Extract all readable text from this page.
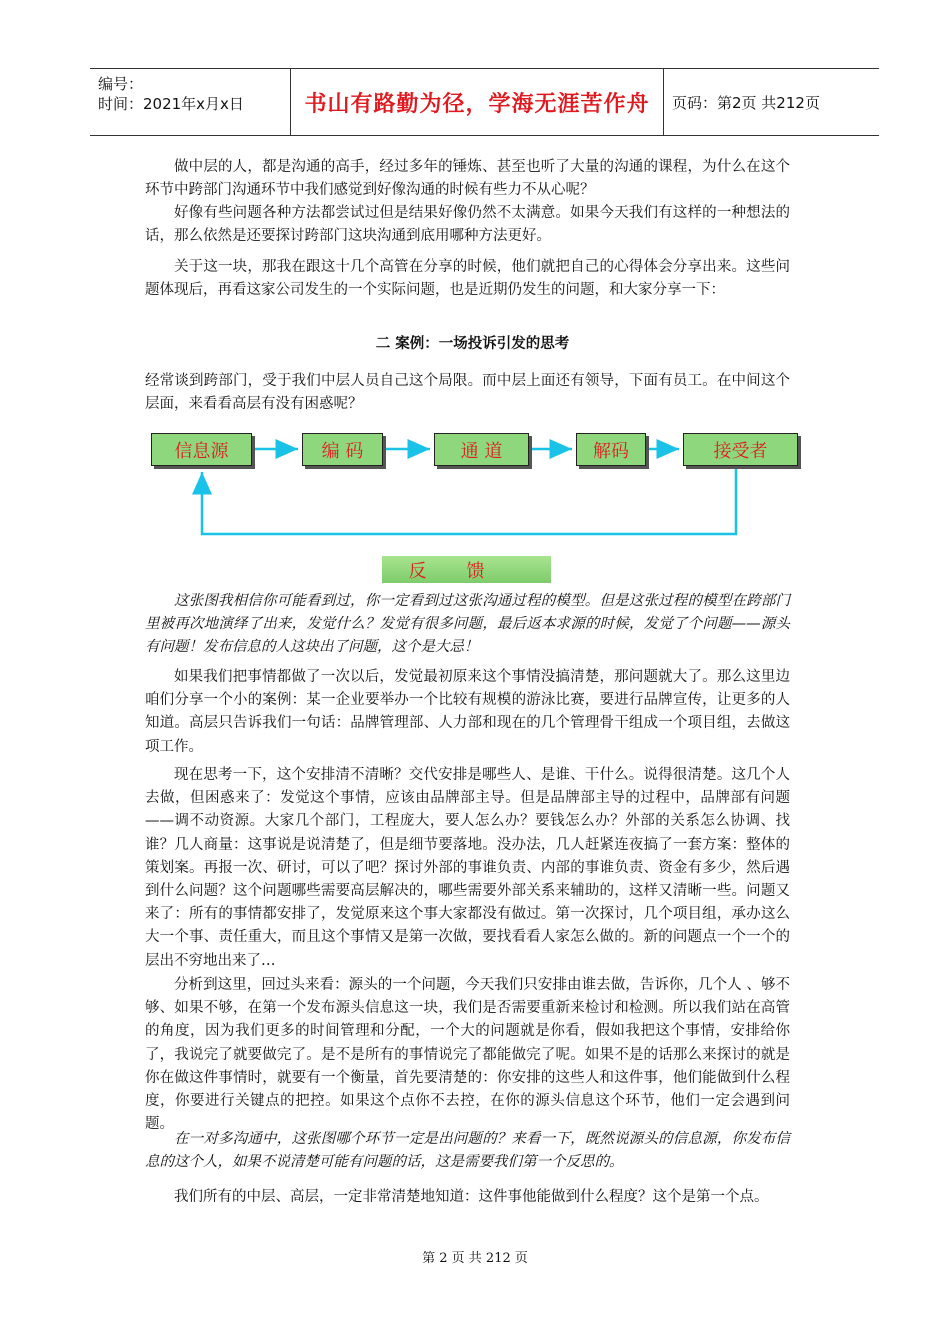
编号：
时间：2021年x月x日	书山有路勤为径，学海无涯苦作舟	页码：第2页 共212页

做中层的人，都是沟通的高手，经过多年的锤炼、甚至也听了大量的沟通的课程，为什么在这个环节中跨部门沟通环节中我们感觉到好像沟通的时候有些力不从心呢？

好像有些问题各种方法都尝试过但是结果好像仍然不太满意。如果今天我们有这样的一种想法的话，那么依然是还要探讨跨部门这块沟通到底用哪种方法更好。

关于这一块，那我在跟这十几个高管在分享的时候，他们就把自己的心得体会分享出来。这些问题体现后，再看这家公司发生的一个实际问题，也是近期仍发生的问题，和大家分享一下：

二 案例：一场投诉引发的思考

经常谈到跨部门，受于我们中层人员自己这个局限。而中层上面还有领导，下面有员工。在中间这个层面，来看看高层有没有困惑呢？

信息源	编 码	通 道	解码	接受者
反馈

这张图我相信你可能看到过，你一定看到过这张沟通过程的模型。但是这张过程的模型在跨部门里被再次地演绎了出来，发觉什么？发觉有很多问题，最后返本求源的时候，发觉了个问题——源头有问题！发布信息的人这块出了问题，这个是大忌！

如果我们把事情都做了一次以后，发觉最初原来这个事情没搞清楚，那问题就大了。那么这里边咱们分享一个小的案例：某一企业要举办一个比较有规模的游泳比赛，要进行品牌宣传，让更多的人知道。高层只告诉我们一句话：品牌管理部、人力部和现在的几个管理骨干组成一个项目组，去做这项工作。

现在思考一下，这个安排清不清晰？交代安排是哪些人、是谁、干什么。说得很清楚。这几个人去做，但困惑来了：发觉这个事情，应该由品牌部主导。但是品牌部主导的过程中，品牌部有问题——调不动资源。大家几个部门，工程庞大，要人怎么办？要钱怎么办？外部的关系怎么协调、找谁？几人商量：这事说是说清楚了，但是细节要落地。没办法，几人赶紧连夜搞了一套方案：整体的策划案。再报一次、研讨，可以了吧？探讨外部的事谁负责、内部的事谁负责、资金有多少，然后遇到什么问题？这个问题哪些需要高层解决的，哪些需要外部关系来辅助的，这样又清晰一些。问题又来了：所有的事情都安排了，发觉原来这个事大家都没有做过。第一次探讨，几个项目组，承办这么大一个事、责任重大，而且这个事情又是第一次做，要找看看人家怎么做的。新的问题点一个一个的层出不穷地出来了…

分析到这里，回过头来看：源头的一个问题，今天我们只安排由谁去做，告诉你，几个人 、够不够、如果不够，在第一个发布源头信息这一块，我们是否需要重新来检讨和检测。所以我们站在高管的角度，因为我们更多的时间管理和分配，一个大的问题就是你看，假如我把这个事情，安排给你了，我说完了就要做完了。是不是所有的事情说完了都能做完了呢。如果不是的话那么来探讨的就是你在做这件事情时，就要有一个衡量，首先要清楚的：你安排的这些人和这件事，他们能做到什么程度，你要进行关键点的把控。如果这个点你不去控，在你的源头信息这个环节，他们一定会遇到问题。

在一对多沟通中，这张图哪个环节一定是出问题的？来看一下，既然说源头的信息源，你发布信息的这个人，如果不说清楚可能有问题的话，这是需要我们第一个反思的。

我们所有的中层、高层，一定非常清楚地知道：这件事他能做到什么程度？这个是第一个点。

第 2 页 共 212 页
